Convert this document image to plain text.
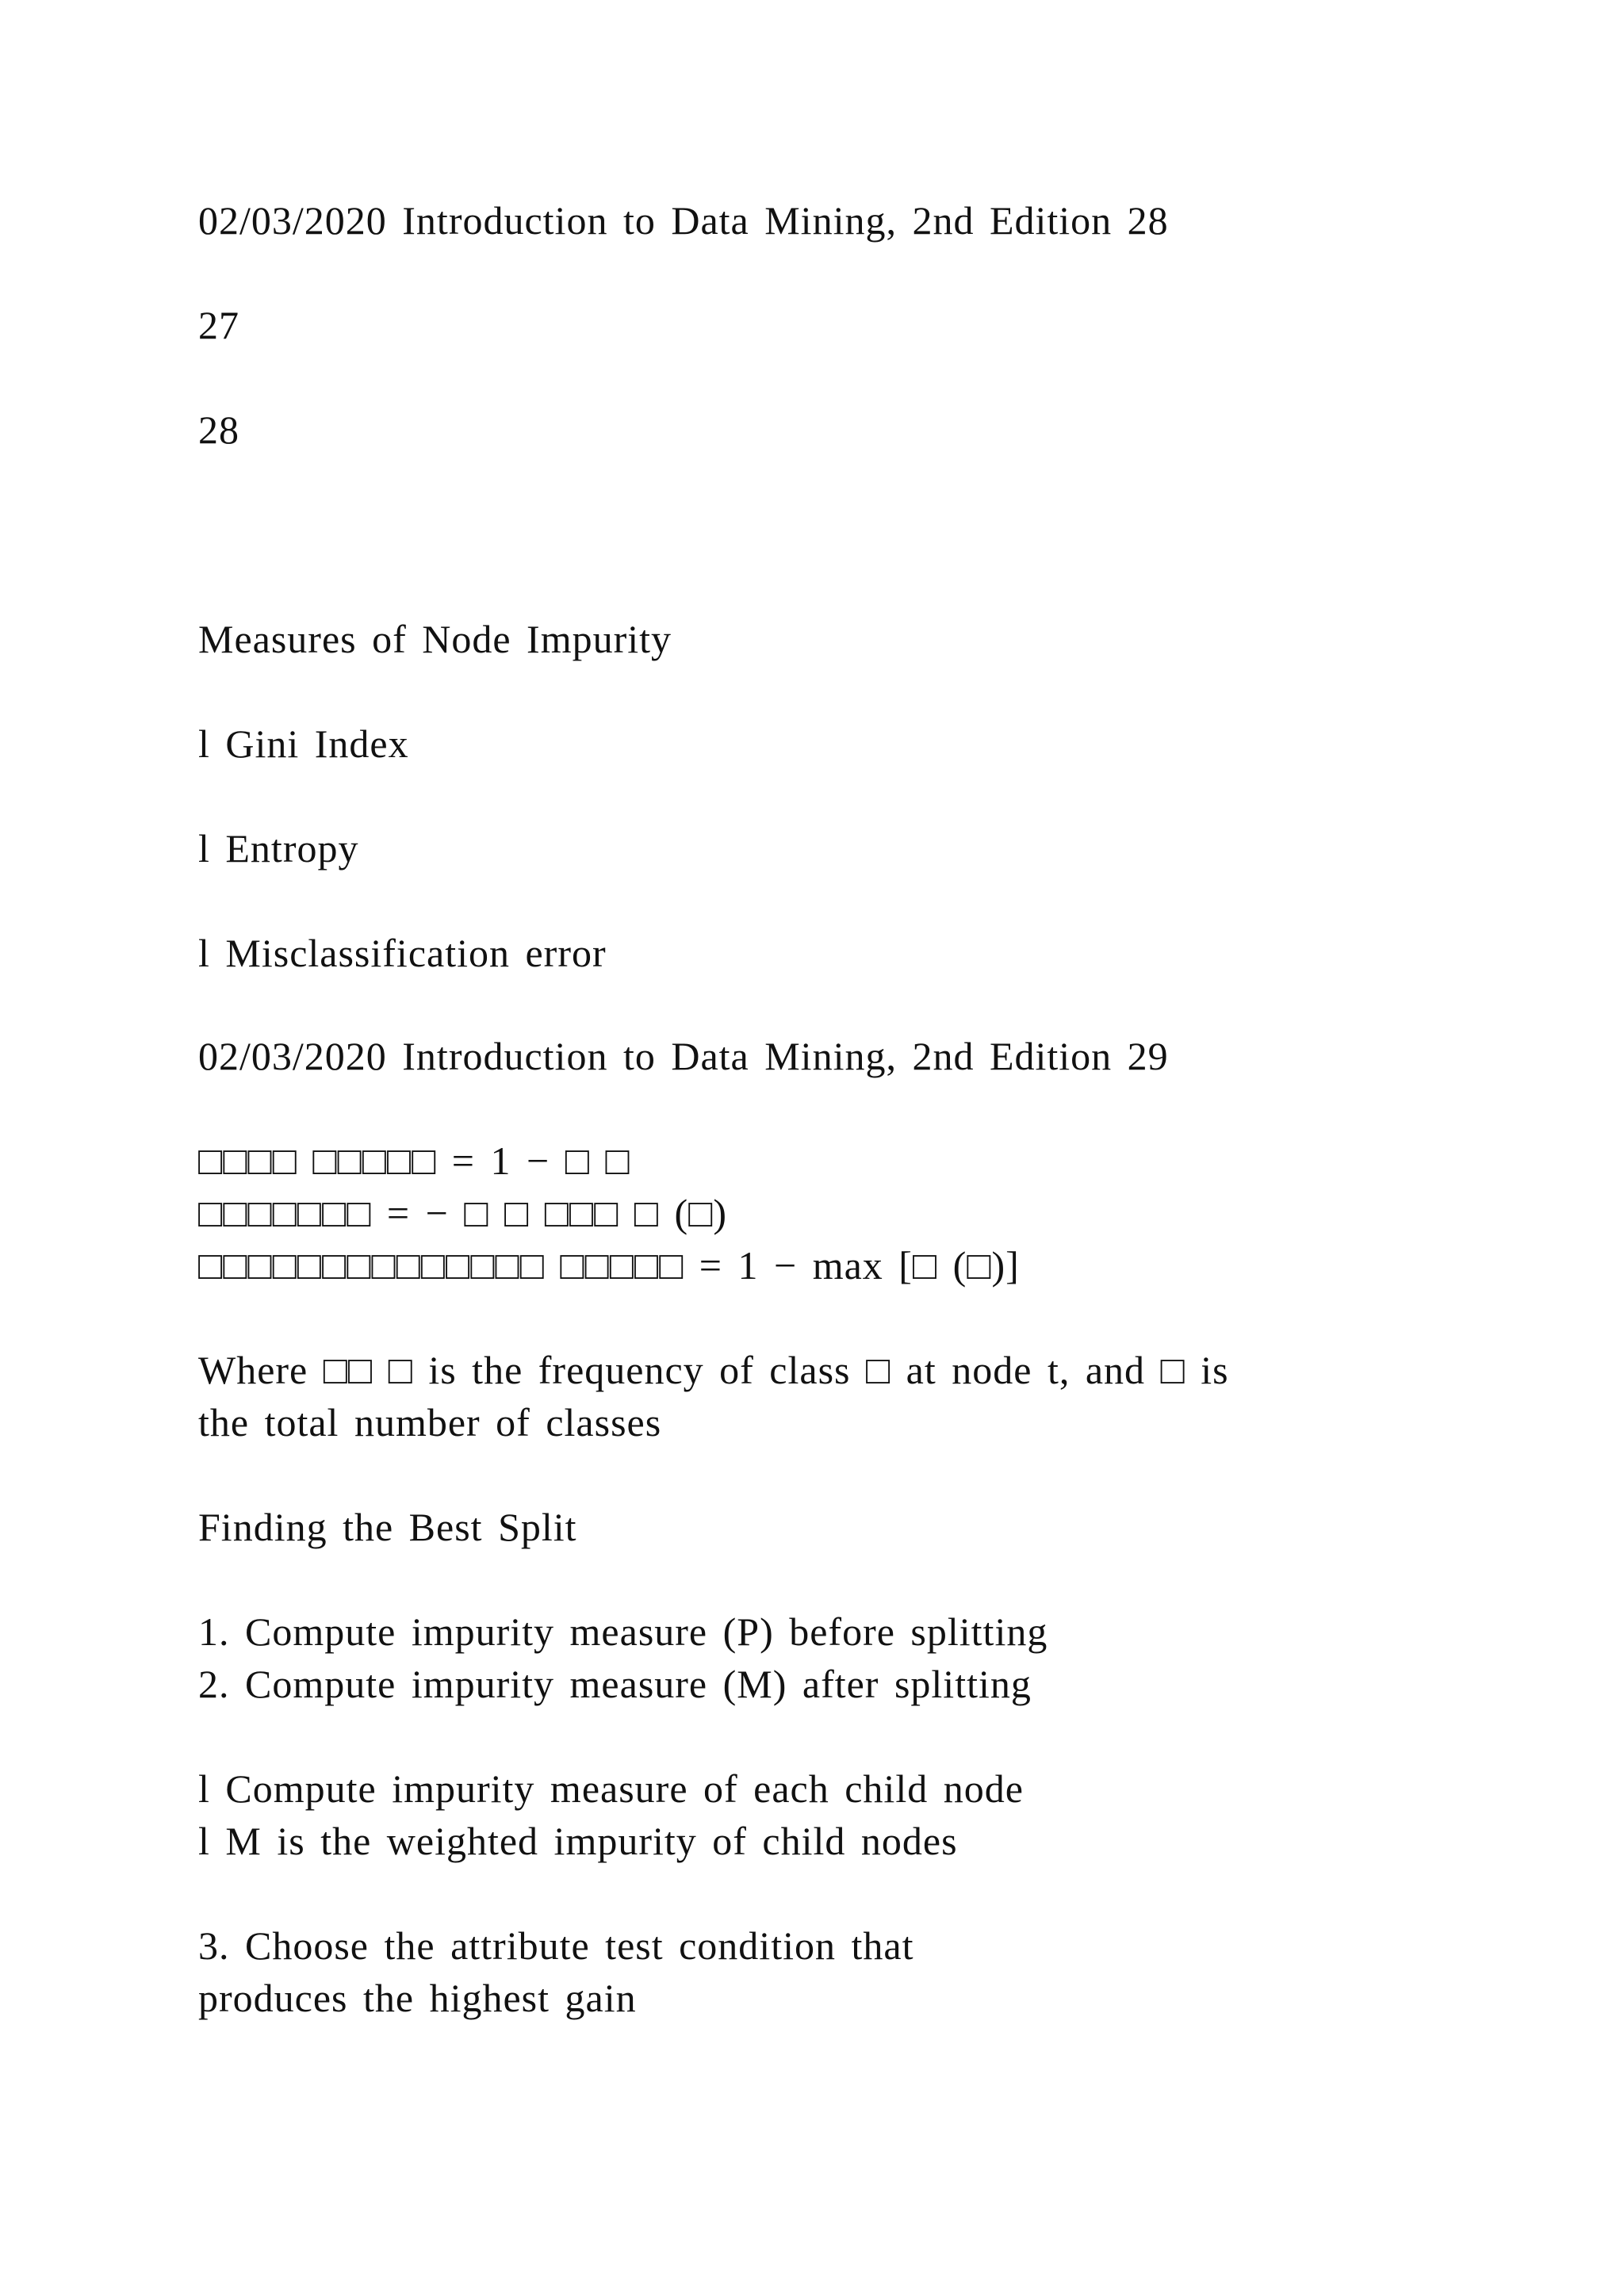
02/03/2020 Introduction to Data Mining, 2nd Edition 28
27
28
Measures of Node Impurity
l Gini Index
l Entropy
l Misclassification error
02/03/2020 Introduction to Data Mining, 2nd Edition 29
□□□□ □□□□□ = 1 − □ □
□□□□□□□ = − □ □ □□□ □ (□)
□□□□□□□□□□□□□□ □□□□□ = 1 − max [□ (□)]
Where □□ □ is the frequency of class □ at node t, and □ is
the total number of classes
Finding the Best Split
1. Compute impurity measure (P) before splitting
2. Compute impurity measure (M) after splitting
l Compute impurity measure of each child node
l M is the weighted impurity of child nodes
3. Choose the attribute test condition that
produces the highest gain
